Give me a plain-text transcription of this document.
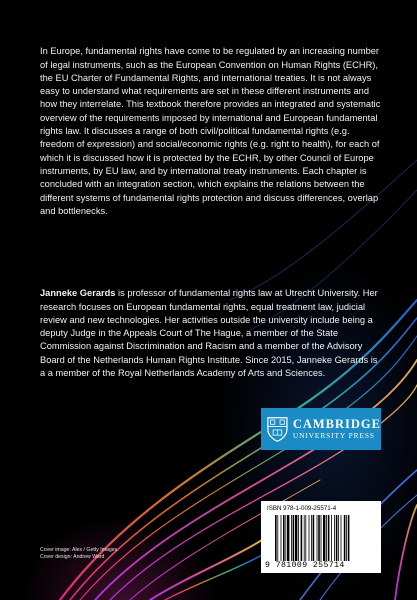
In Europe, fundamental rights have come to be regulated by an increasing number of legal instruments, such as the European Convention on Human Rights (ECHR), the EU Charter of Fundamental Rights, and international treaties. It is not always easy to understand what requirements are set in these different instruments and how they interrelate. This textbook therefore provides an integrated and systematic overview of the requirements imposed by international and European fundamental rights law. It discusses a range of both civil/political fundamental rights (e.g. freedom of expression) and social/economic rights (e.g. right to health), for each of which it is discussed how it is protected by the ECHR, by other Council of Europe instruments, by EU law, and by international treaty instruments. Each chapter is concluded with an integration section, which explains the relations between the different systems of fundamental rights protection and discuss differences, overlap and bottlenecks.

Janneke Gerards is professor of fundamental rights law at Utrecht University. Her research focuses on European fundamental rights, equal treatment law, judicial review and new technologies. Her activities outside the university include being a deputy Judge in the Appeals Court of The Hague, a member of the State Commission against Discrimination and Racism and a member of the Advisory Board of the Netherlands Human Rights Institute. Since 2015, Janneke Gerards is a a member of the Royal Netherlands Academy of Arts and Sciences.

Cover image: Alex / Getty Images.
Cover design: Andrew Ward
CAMBRIDGE
UNIVERSITY PRESS
ISBN 978-1-009-25571-4
9 781009 255714
